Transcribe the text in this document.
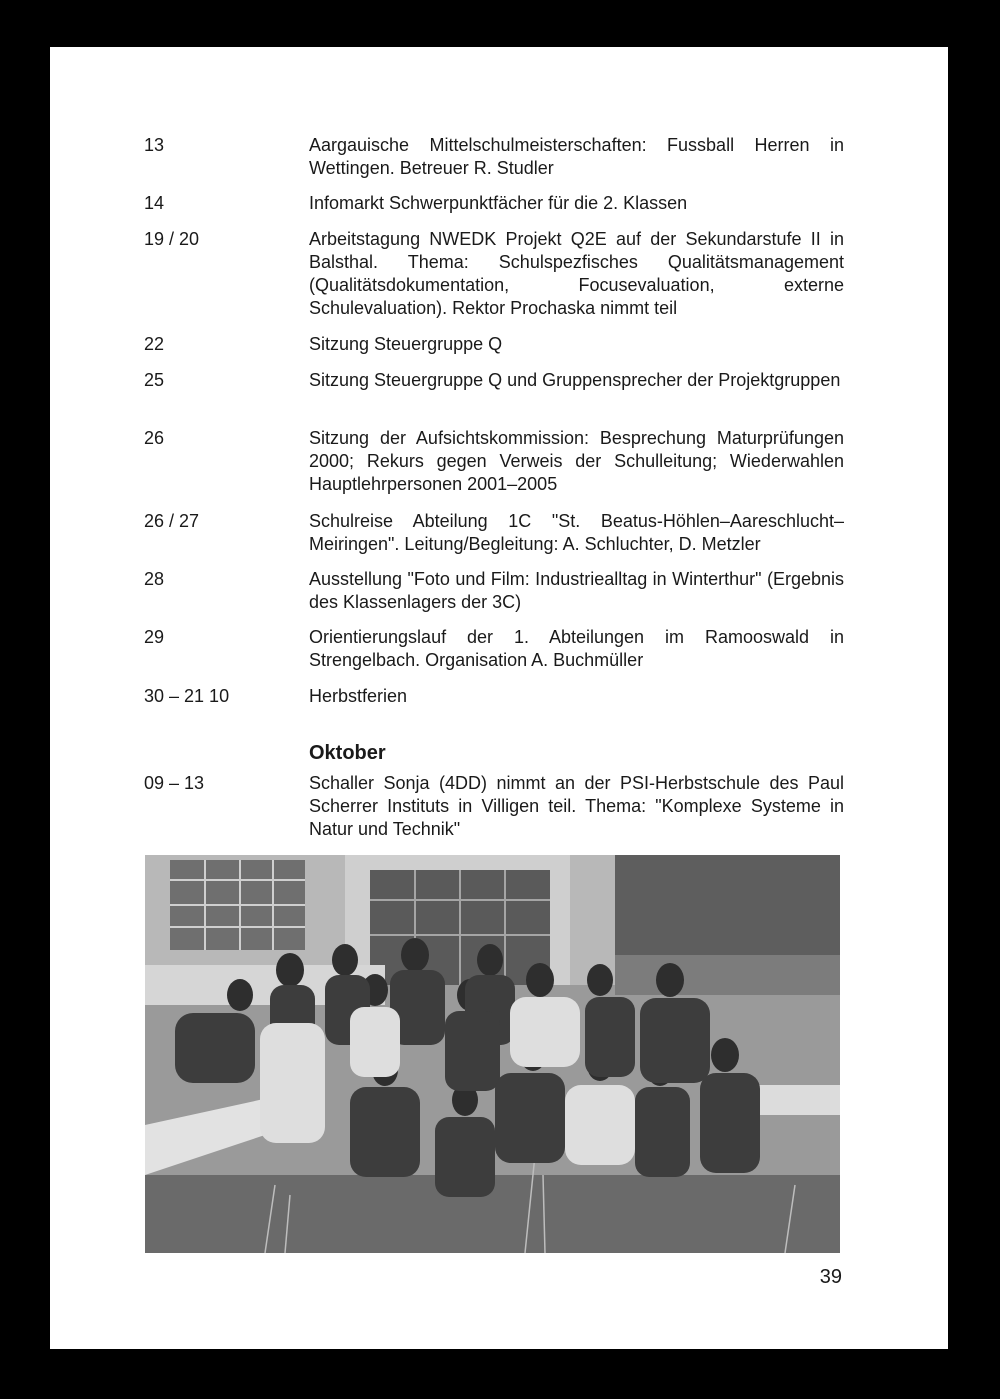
13	Aargauische Mittelschulmeisterschaften: Fussball Herren in Wettingen. Betreuer R. Studler
14	Infomarkt Schwerpunktfächer für die 2. Klassen
19 / 20	Arbeitstagung NWEDK Projekt Q2E auf der Sekundarstufe II in Balsthal. Thema: Schulspezfisches Qualitätsmanagement (Qualitätsdokumentation, Focusevaluation, externe Schulevaluation). Rektor Prochaska nimmt teil
22	Sitzung Steuergruppe Q
25	Sitzung Steuergruppe Q und Gruppensprecher der Projektgruppen
26	Sitzung der Aufsichtskommission: Besprechung Maturprüfungen 2000; Rekurs gegen Verweis der Schulleitung; Wiederwahlen Hauptlehrpersonen 2001–2005
26 / 27	Schulreise Abteilung 1C "St. Beatus-Höhlen–Aareschlucht–Meiringen". Leitung/Begleitung: A. Schluchter, D. Metzler
28	Ausstellung "Foto und Film: Industriealltag in Winterthur" (Ergebnis des Klassenlagers der 3C)
29	Orientierungslauf der 1. Abteilungen im Ramooswald in Strengelbach. Organisation A. Buchmüller
30 – 21 10	Herbstferien
Oktober
09 – 13	Schaller Sonja (4DD) nimmt an der PSI-Herbstschule des Paul Scherrer Instituts in Villigen teil. Thema: "Komplexe Systeme in Natur und Technik"
39
